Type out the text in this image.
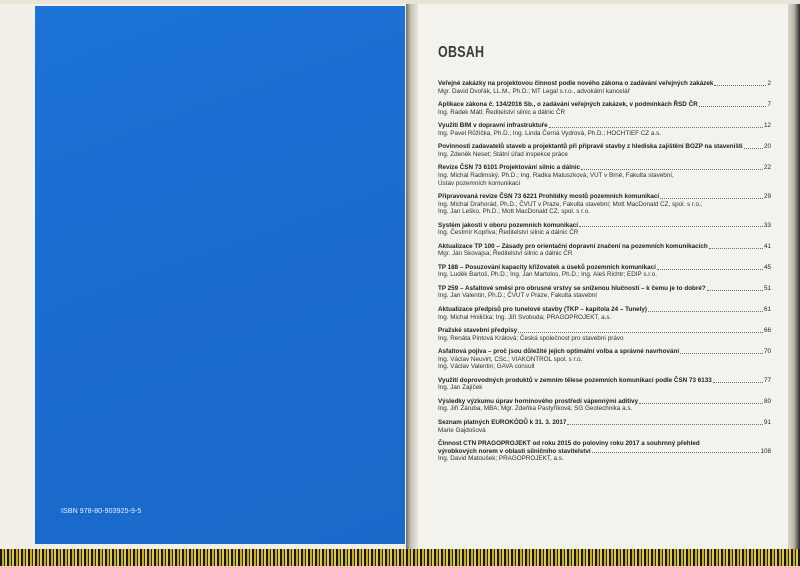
ISBN 978-80-903925-9-5
OBSAH
Veřejné zakázky na projektovou činnost podle nového zákona o zadávání veřejných zakázek	2
Mgr. David Dvořák, LL.M., Ph.D.; MT Legal s.r.o., advokátní kancelář
Aplikace zákona č. 134/2016 Sb., o zadávání veřejných zakázek, v podmínkách ŘSD ČR	7
Ing. Radek Mátl; Ředitelství silnic a dálnic ČR
Využití BIM v dopravní infrastruktuře	12
Ing. Pavel Růžička, Ph.D.; Ing. Linda Černá Vydrová, Ph.D.; HOCHTIEF CZ a.s.
Povinnosti zadavatelů staveb a projektantů při přípravě stavby z hlediska zajištění BOZP na staveništi	20
Ing. Zdeněk Neset; Státní úřad inspekce práce
Revize ČSN 73 6101 Projektování silnic a dálnic	22
Ing. Michal Radimský, Ph.D.; Ing. Radka Matuszková; VUT v Brně, Fakulta stavební,
Ústav pozemních komunikací
Připravovaná revize ČSN 73 6221 Prohlídky mostů pozemních komunikací	29
Ing. Michal Drahorád, Ph.D.; ČVUT v Praze, Fakulta stavební; Mott MacDonald CZ, spol. s r.o.;
Ing. Jan Leško, Ph.D.; Mott MacDonald CZ, spol. s r.o.
Systém jakosti v oboru pozemních komunikací	33
Ing. Čestmír Kopřiva; Ředitelství silnic a dálnic ČR
Aktualizace TP 100 – Zásady pro orientační dopravní značení na pozemních komunikacích	41
Mgr. Ján Skovajsa; Ředitelství silnic a dálnic ČR
TP 188 – Posuzování kapacity křižovatek a úseků pozemních komunikací	45
Ing. Luděk Bartoš, Ph.D.; Ing. Jan Martolos, Ph.D.; Ing. Aleš Richtr; EDIP s.r.o.
TP 259 – Asfaltové směsi pro obrusné vrstvy se sníženou hlučností – k čemu je to dobré?	51
Ing. Jan Valentin, Ph.D.; ČVUT v Praze, Fakulta stavební
Aktualizace předpisů pro tunelové stavby (TKP – kapitola 24 – Tunely)	61
Ing. Michal Hnilička; Ing. Jiří Svoboda; PRAGOPROJEKT, a.s.
Pražské stavební předpisy	66
Ing. Renáta Pintová Králová; Česká společnost pro stavební právo
Asfaltová pojiva – proč jsou důležité jejich optimální volba a správné navrhování	70
Ing. Václav Neuvirt, CSc.; VIAKONTROL spol. s r.o.
Ing. Václav Valentin; GAVA consult
Využití doprovodných produktů v zemním tělese pozemních komunikací podle ČSN 73 6133	77
Ing. Jan Zajíček
Výsledky výzkumu úprav horninového prostředí vápennými aditivy	80
Ing. Jiří Záruba, MBA; Mgr. Zdeňka Pastyříková; SG Geotechnika a.s.
Seznam platných EUROKÓDŮ k 31. 3. 2017	91
Marie Gajdošová
Činnost CTN PRAGOPROJEKT od roku 2015 do poloviny roku 2017 a souhrnný přehled
výrobkových norem v oblasti silničního stavitelství	108
Ing. David Matoušek; PRAGOPROJEKT, a.s.
